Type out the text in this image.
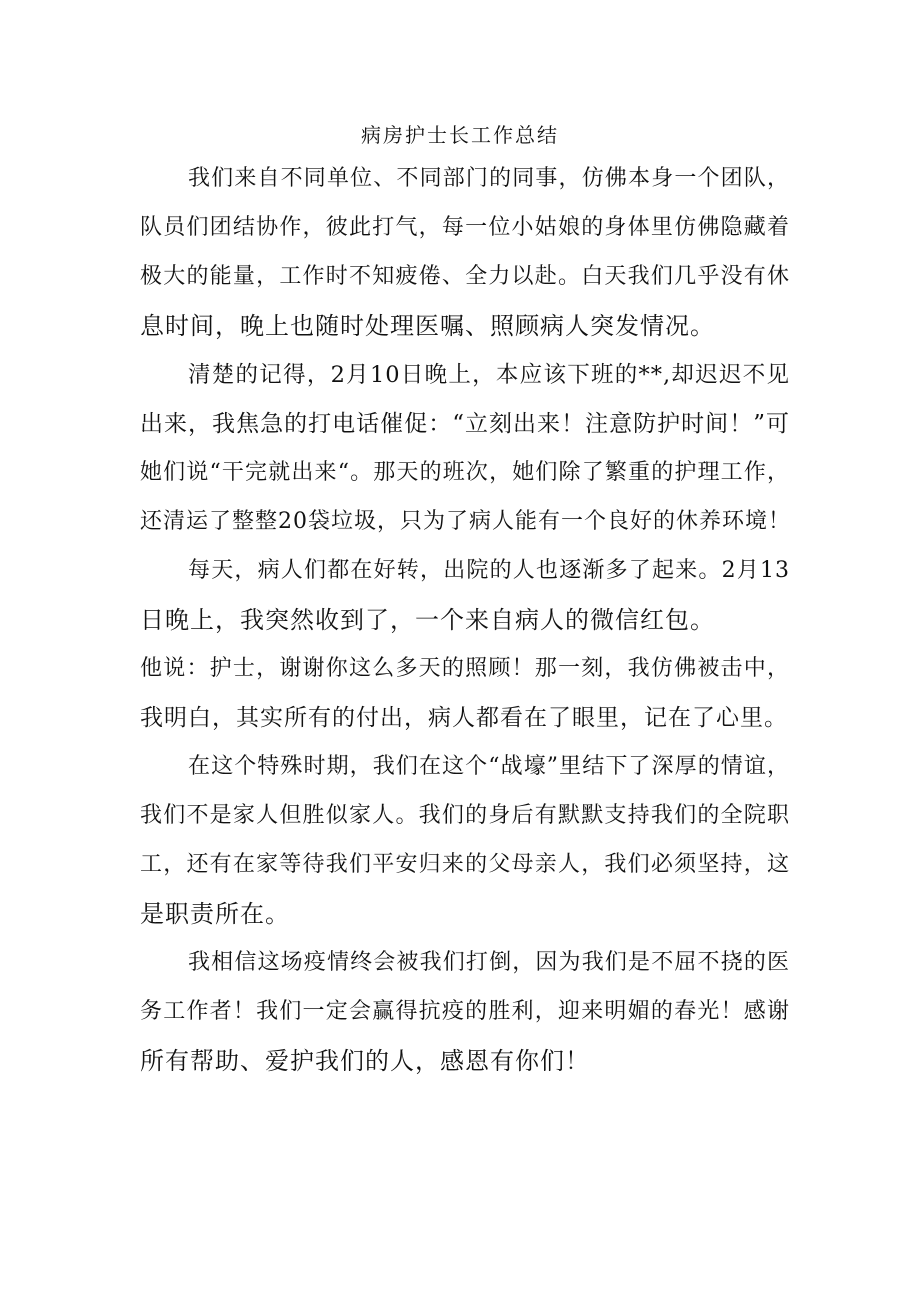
病房护士长工作总结
我们来自不同单位、不同部门的同事，仿佛本身一个团队，
队员们团结协作，彼此打气，每一位小姑娘的身体里仿佛隐藏着
极大的能量，工作时不知疲倦、全力以赴。白天我们几乎没有休
息时间，晚上也随时处理医嘱、照顾病人突发情况。
清楚的记得，2月10日晚上，本应该下班的**,却迟迟不见
出来，我焦急的打电话催促：“立刻出来！注意防护时间！”可
她们说“干完就出来“。那天的班次，她们除了繁重的护理工作，
还清运了整整20袋垃圾，只为了病人能有一个良好的休养环境！
每天，病人们都在好转，出院的人也逐渐多了起来。2月13
日晚上，我突然收到了，一个来自病人的微信红包。
他说：护士，谢谢你这么多天的照顾！那一刻，我仿佛被击中，
我明白，其实所有的付出，病人都看在了眼里，记在了心里。
在这个特殊时期，我们在这个“战壕”里结下了深厚的情谊，
我们不是家人但胜似家人。我们的身后有默默支持我们的全院职
工，还有在家等待我们平安归来的父母亲人，我们必须坚持，这
是职责所在。
我相信这场疫情终会被我们打倒，因为我们是不屈不挠的医
务工作者！我们一定会赢得抗疫的胜利，迎来明媚的春光！感谢
所有帮助、爱护我们的人，感恩有你们！
